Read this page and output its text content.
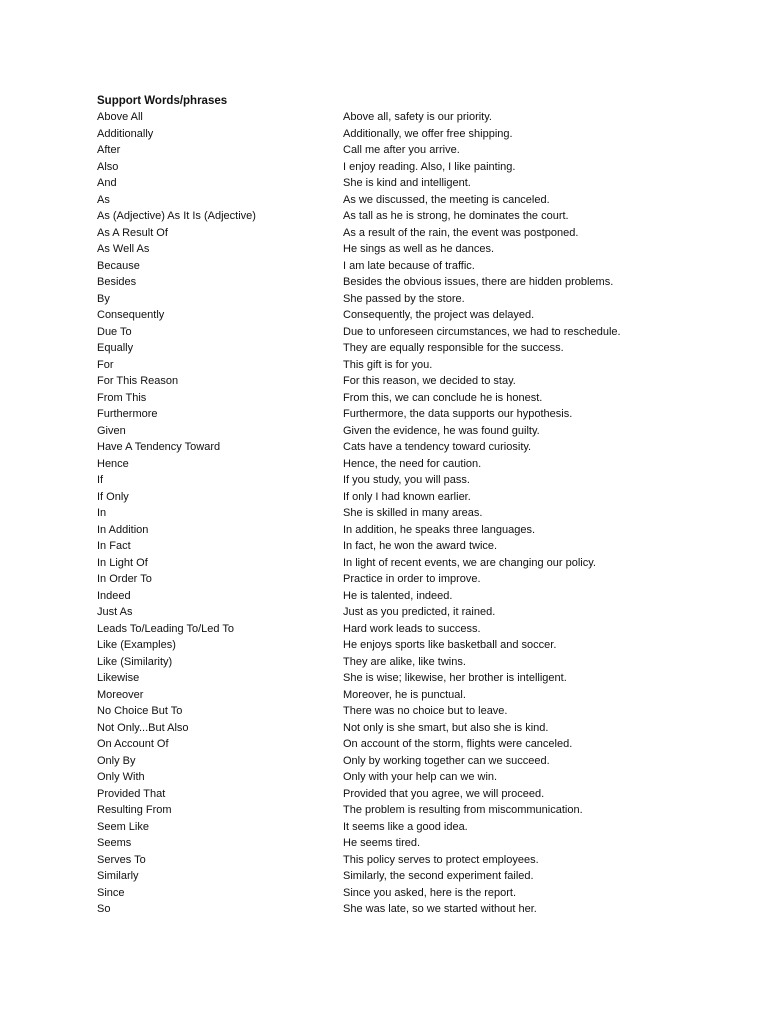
Support Words/phrases
Above All	Above all, safety is our priority.
Additionally	Additionally, we offer free shipping.
After	Call me after you arrive.
Also	I enjoy reading. Also, I like painting.
And	She is kind and intelligent.
As	As we discussed, the meeting is canceled.
As (Adjective) As It Is (Adjective)	As tall as he is strong, he dominates the court.
As A Result Of	As a result of the rain, the event was postponed.
As Well As	He sings as well as he dances.
Because	I am late because of traffic.
Besides	Besides the obvious issues, there are hidden problems.
By	She passed by the store.
Consequently	Consequently, the project was delayed.
Due To	Due to unforeseen circumstances, we had to reschedule.
Equally	They are equally responsible for the success.
For	This gift is for you.
For This Reason	For this reason, we decided to stay.
From This	From this, we can conclude he is honest.
Furthermore	Furthermore, the data supports our hypothesis.
Given	Given the evidence, he was found guilty.
Have A Tendency Toward	Cats have a tendency toward curiosity.
Hence	Hence, the need for caution.
If	If you study, you will pass.
If Only	If only I had known earlier.
In	She is skilled in many areas.
In Addition	In addition, he speaks three languages.
In Fact	In fact, he won the award twice.
In Light Of	In light of recent events, we are changing our policy.
In Order To	Practice in order to improve.
Indeed	He is talented, indeed.
Just As	Just as you predicted, it rained.
Leads To/Leading To/Led To	Hard work leads to success.
Like (Examples)	He enjoys sports like basketball and soccer.
Like (Similarity)	They are alike, like twins.
Likewise	She is wise; likewise, her brother is intelligent.
Moreover	Moreover, he is punctual.
No Choice But To	There was no choice but to leave.
Not Only...But Also	Not only is she smart, but also she is kind.
On Account Of	On account of the storm, flights were canceled.
Only By	Only by working together can we succeed.
Only With	Only with your help can we win.
Provided That	Provided that you agree, we will proceed.
Resulting From	The problem is resulting from miscommunication.
Seem Like	It seems like a good idea.
Seems	He seems tired.
Serves To	This policy serves to protect employees.
Similarly	Similarly, the second experiment failed.
Since	Since you asked, here is the report.
So	She was late, so we started without her.
